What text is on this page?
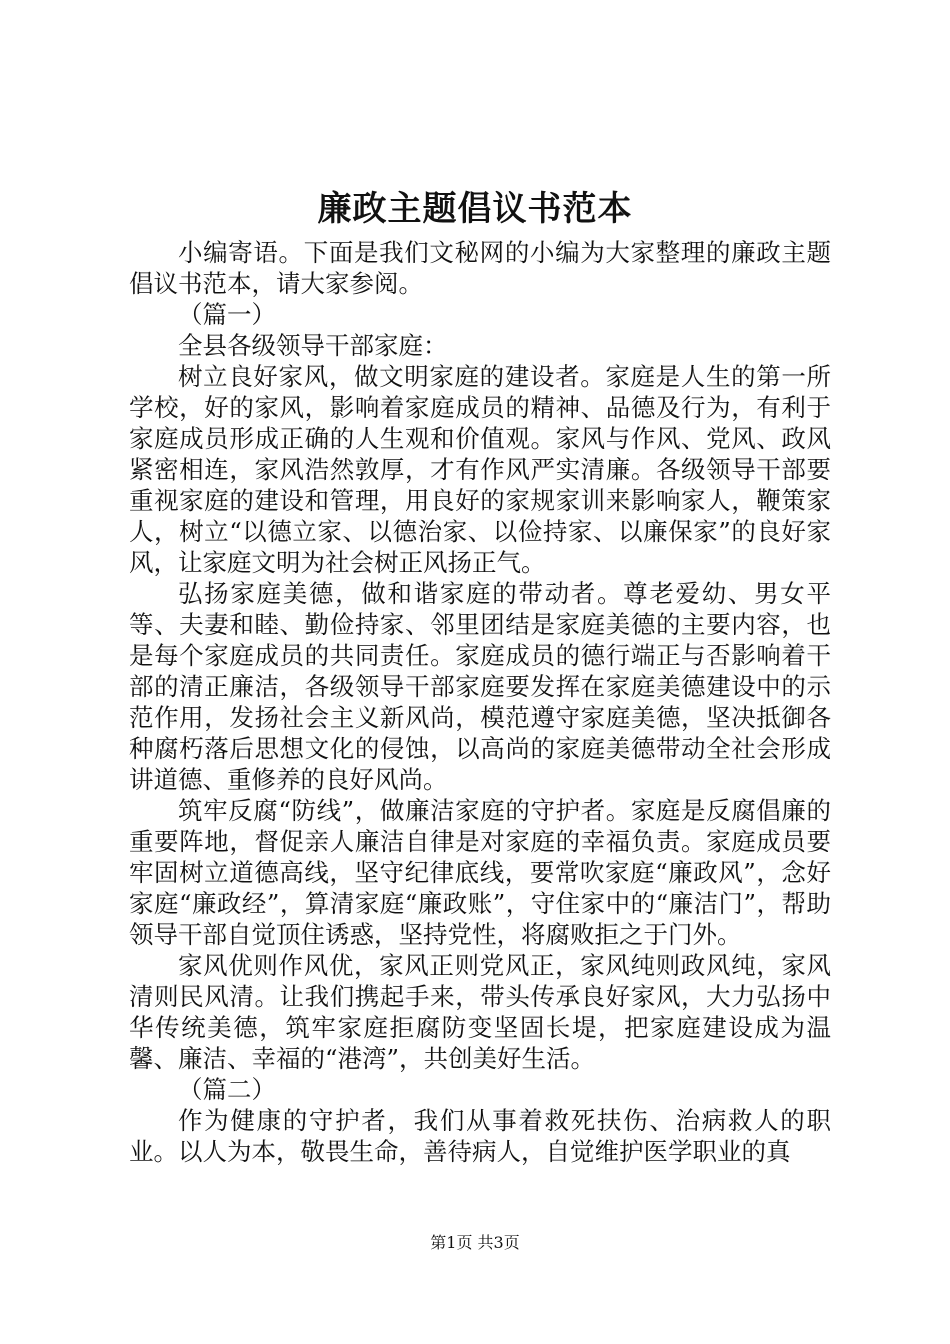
廉政主题倡议书范本

小编寄语。下面是我们文秘网的小编为大家整理的廉政主题倡议书范本，请大家参阅。

（篇一）

全县各级领导干部家庭：

树立良好家风，做文明家庭的建设者。家庭是人生的第一所学校，好的家风，影响着家庭成员的精神、品德及行为，有利于家庭成员形成正确的人生观和价值观。家风与作风、党风、政风紧密相连，家风浩然敦厚，才有作风严实清廉。各级领导干部要重视家庭的建设和管理，用良好的家规家训来影响家人，鞭策家人，树立“以德立家、以德治家、以俭持家、以廉保家”的良好家风，让家庭文明为社会树正风扬正气。

弘扬家庭美德，做和谐家庭的带动者。尊老爱幼、男女平等、夫妻和睦、勤俭持家、邻里团结是家庭美德的主要内容，也是每个家庭成员的共同责任。家庭成员的德行端正与否影响着干部的清正廉洁，各级领导干部家庭要发挥在家庭美德建设中的示范作用，发扬社会主义新风尚，模范遵守家庭美德，坚决抵御各种腐朽落后思想文化的侵蚀，以高尚的家庭美德带动全社会形成讲道德、重修养的良好风尚。

筑牢反腐“防线”，做廉洁家庭的守护者。家庭是反腐倡廉的重要阵地，督促亲人廉洁自律是对家庭的幸福负责。家庭成员要牢固树立道德高线，坚守纪律底线，要常吹家庭“廉政风”，念好家庭“廉政经”，算清家庭“廉政账”，守住家中的“廉洁门”，帮助领导干部自觉顶住诱惑，坚持党性，将腐败拒之于门外。

家风优则作风优，家风正则党风正，家风纯则政风纯，家风清则民风清。让我们携起手来，带头传承良好家风，大力弘扬中华传统美德，筑牢家庭拒腐防变坚固长堤，把家庭建设成为温馨、廉洁、幸福的“港湾”，共创美好生活。

（篇二）

作为健康的守护者，我们从事着救死扶伤、治病救人的职业。以人为本，敬畏生命，善待病人，自觉维护医学职业的真

第1页 共3页
